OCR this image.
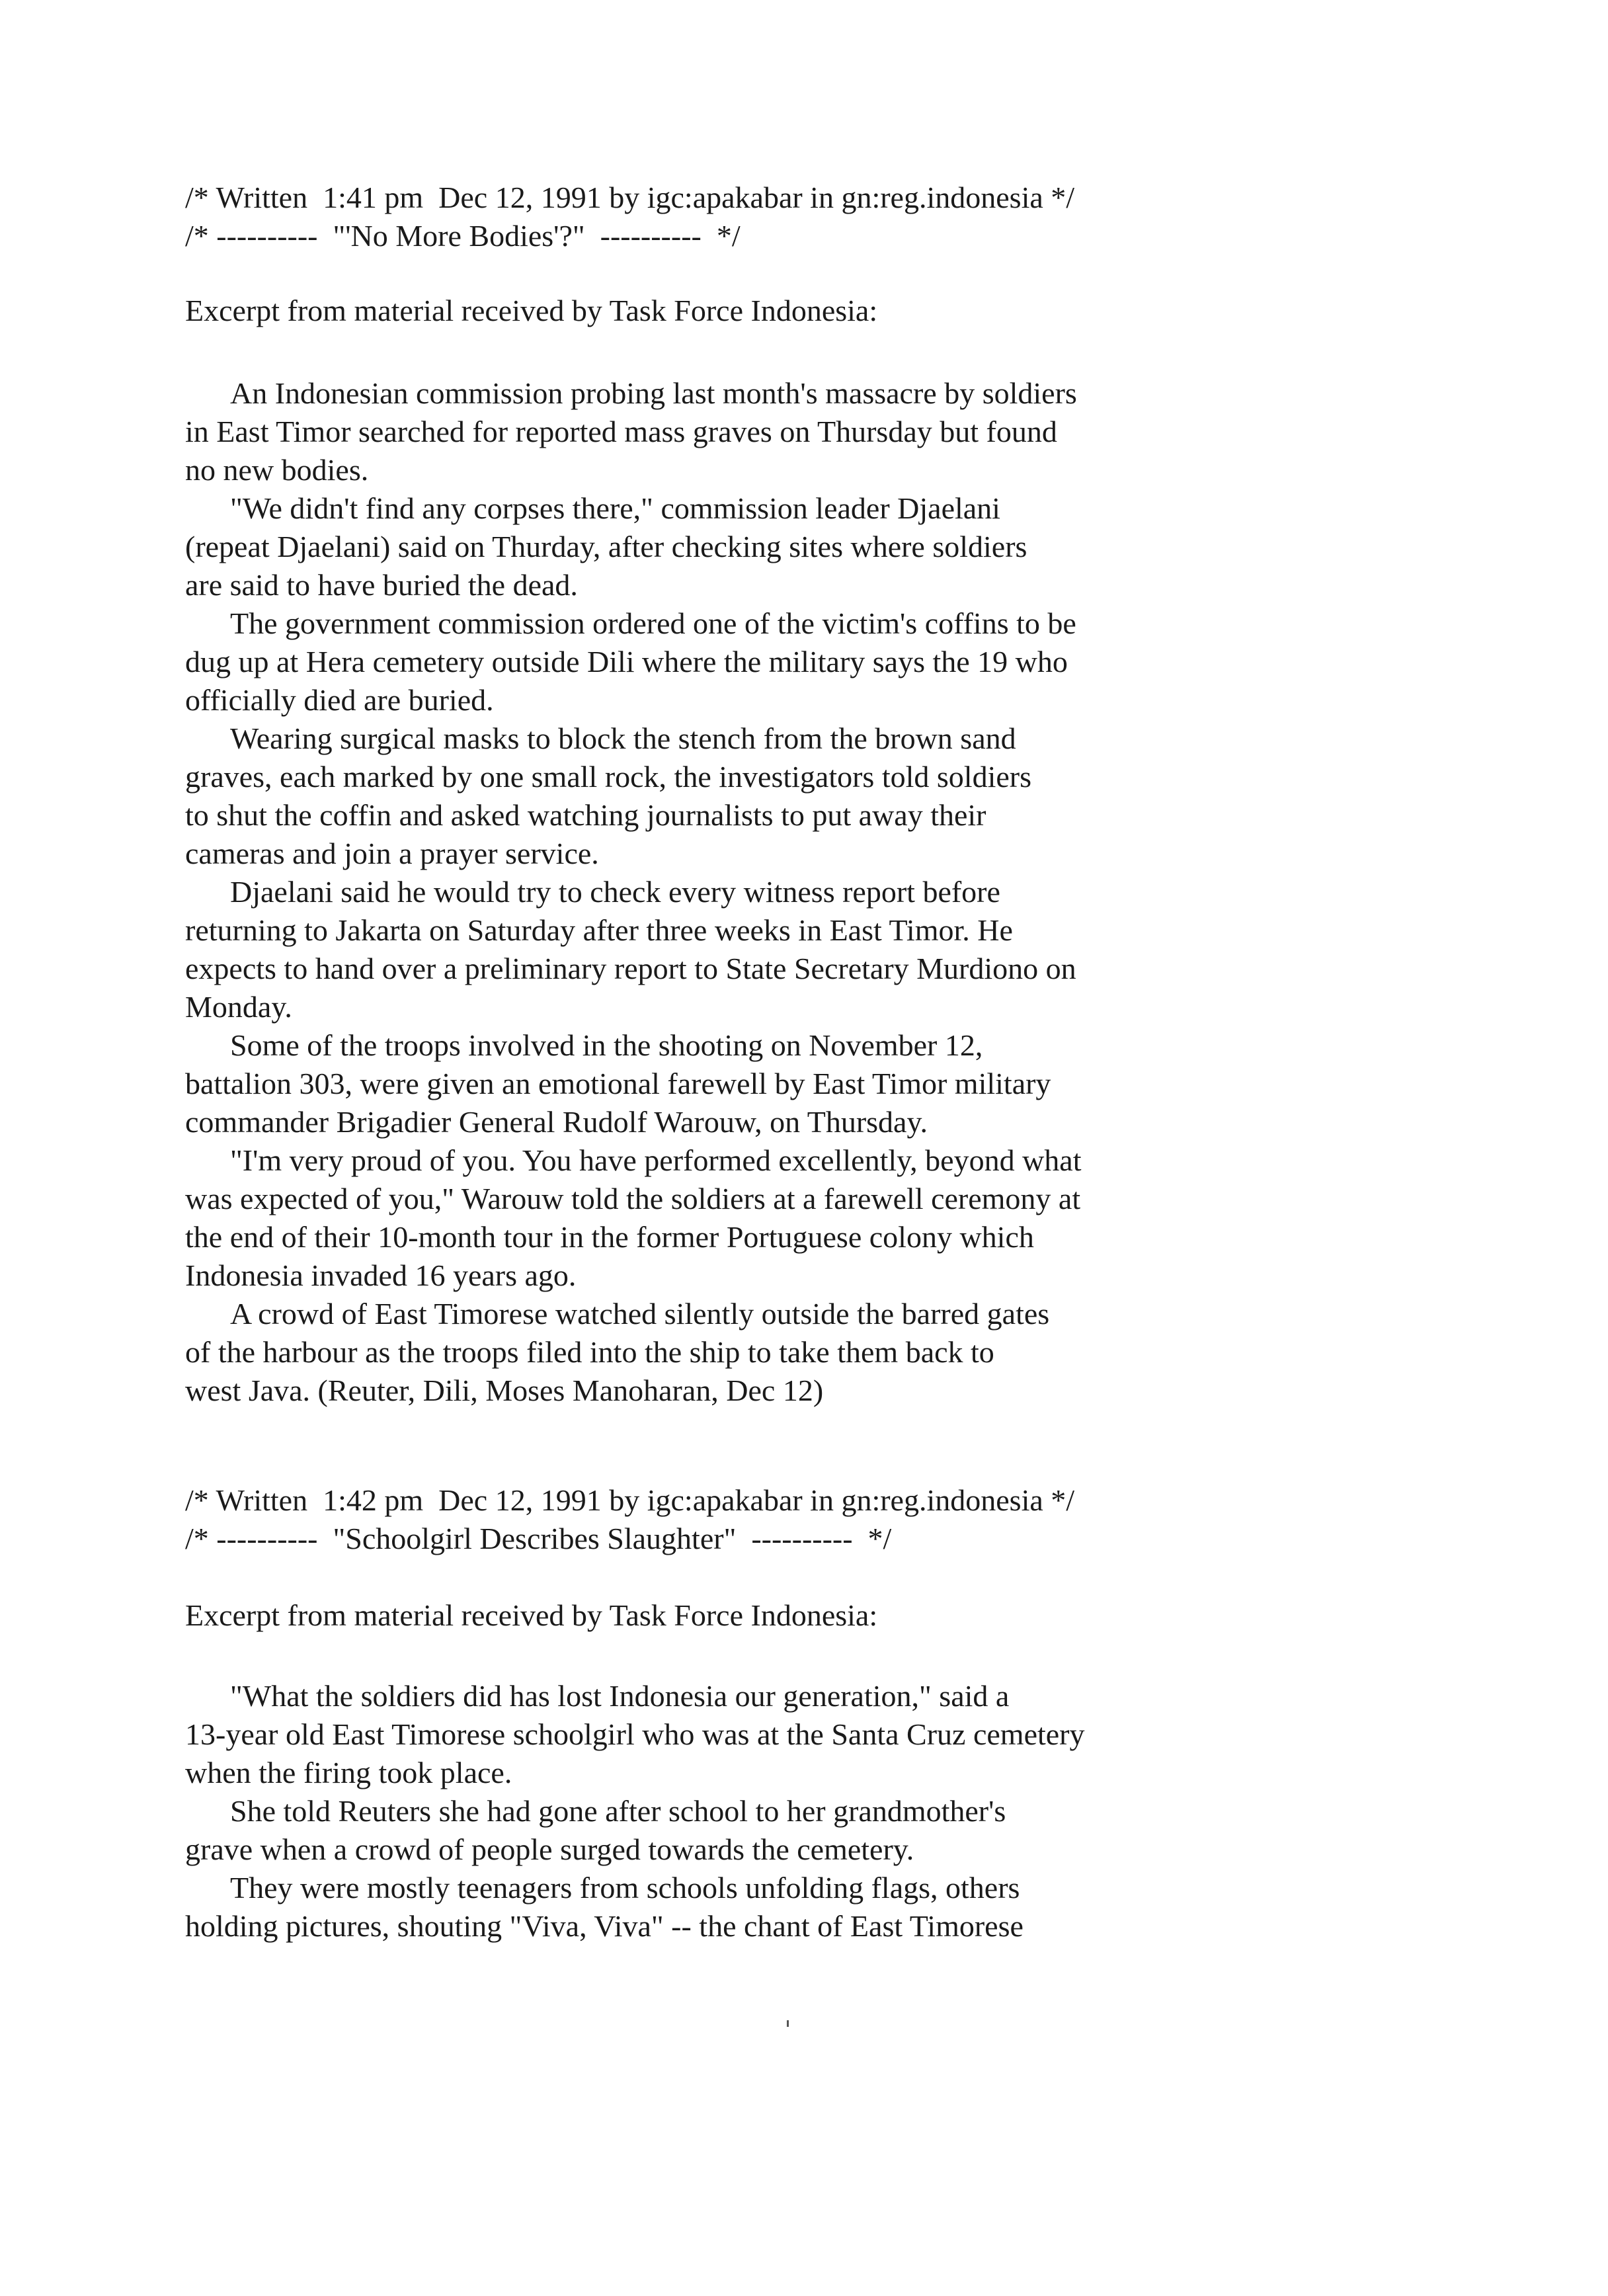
/* Written  1:41 pm  Dec 12, 1991 by igc:apakabar in gn:reg.indonesia */
/* ----------  "'No More Bodies'?"  ----------  */
Excerpt from material received by Task Force Indonesia:
An Indonesian commission probing last month's massacre by soldiers
in East Timor searched for reported mass graves on Thursday but found
no new bodies.
"We didn't find any corpses there," commission leader Djaelani
(repeat Djaelani) said on Thurday, after checking sites where soldiers
are said to have buried the dead.
The government commission ordered one of the victim's coffins to be
dug up at Hera cemetery outside Dili where the military says the 19 who
officially died are buried.
Wearing surgical masks to block the stench from the brown sand
graves, each marked by one small rock, the investigators told soldiers
to shut the coffin and asked watching journalists to put away their
cameras and join a prayer service.
Djaelani said he would try to check every witness report before
returning to Jakarta on Saturday after three weeks in East Timor. He
expects to hand over a preliminary report to State Secretary Murdiono on
Monday.
Some of the troops involved in the shooting on November 12,
battalion 303, were given an emotional farewell by East Timor military
commander Brigadier General Rudolf Warouw, on Thursday.
"I'm very proud of you. You have performed excellently, beyond what
was expected of you," Warouw told the soldiers at a farewell ceremony at
the end of their 10-month tour in the former Portuguese colony which
Indonesia invaded 16 years ago.
A crowd of East Timorese watched silently outside the barred gates
of the harbour as the troops filed into the ship to take them back to
west Java. (Reuter, Dili, Moses Manoharan, Dec 12)
/* Written  1:42 pm  Dec 12, 1991 by igc:apakabar in gn:reg.indonesia */
/* ----------  "Schoolgirl Describes Slaughter"  ----------  */
Excerpt from material received by Task Force Indonesia:
"What the soldiers did has lost Indonesia our generation," said a
13-year old East Timorese schoolgirl who was at the Santa Cruz cemetery
when the firing took place.
She told Reuters she had gone after school to her grandmother's
grave when a crowd of people surged towards the cemetery.
They were mostly teenagers from schools unfolding flags, others
holding pictures, shouting "Viva, Viva" -- the chant of East Timorese
